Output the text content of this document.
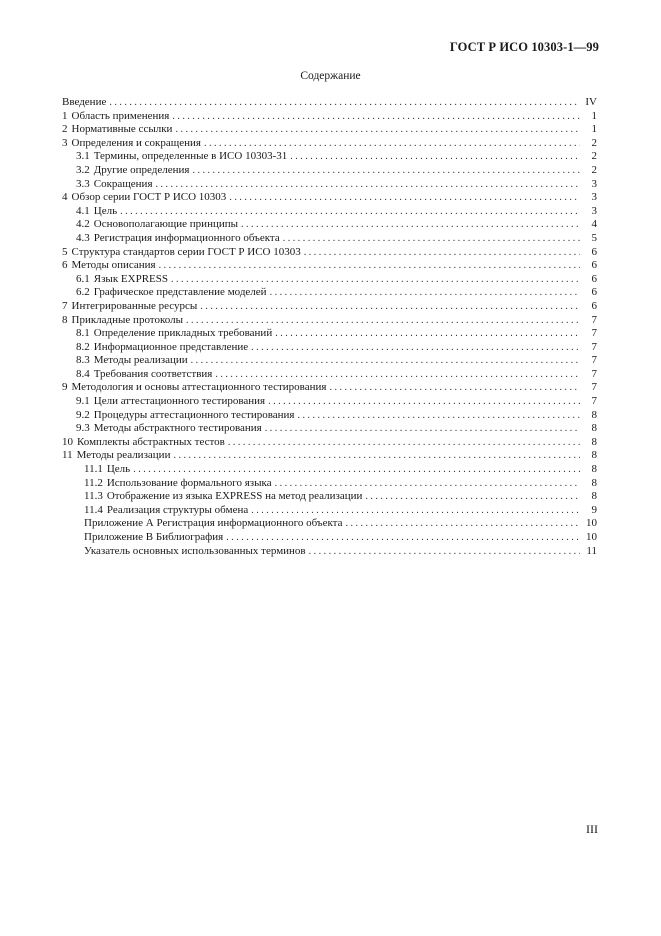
ГОСТ Р ИСО 10303-1—99
Содержание
Введение . . .	IV
1 Область применения . . .	1
2 Нормативные ссылки . . .	1
3 Определения и сокращения . . .	2
3.1 Термины, определенные в ИСО 10303-31 . . .	2
3.2 Другие определения . . .	2
3.3 Сокращения . . .	3
4 Обзор серии ГОСТ Р ИСО 10303 . . .	3
4.1 Цель . . .	3
4.2 Основополагающие принципы . . .	4
4.3 Регистрация информационного объекта . . .	5
5 Структура стандартов серии ГОСТ Р ИСО 10303 . . .	6
6 Методы описания . . .	6
6.1 Язык EXPRESS . . .	6
6.2 Графическое представление моделей . . .	6
7 Интегрированные ресурсы . . .	6
8 Прикладные протоколы . . .	7
8.1 Определение прикладных требований . . .	7
8.2 Информационное представление . . .	7
8.3 Методы реализации . . .	7
8.4 Требования соответствия . . .	7
9 Методология и основы аттестационного тестирования . . .	7
9.1 Цели аттестационного тестирования . . .	7
9.2 Процедуры аттестационного тестирования . . .	8
9.3 Методы абстрактного тестирования . . .	8
10 Комплекты абстрактных тестов . . .	8
11 Методы реализации . . .	8
11.1 Цель . . .	8
11.2 Использование формального языка . . .	8
11.3 Отображение из языка EXPRESS на метод реализации . . .	8
11.4 Реализация структуры обмена . . .	9
Приложение А Регистрация информационного объекта . . .	10
Приложение В Библиография . . .	10
Указатель основных использованных терминов . . .	11
III
